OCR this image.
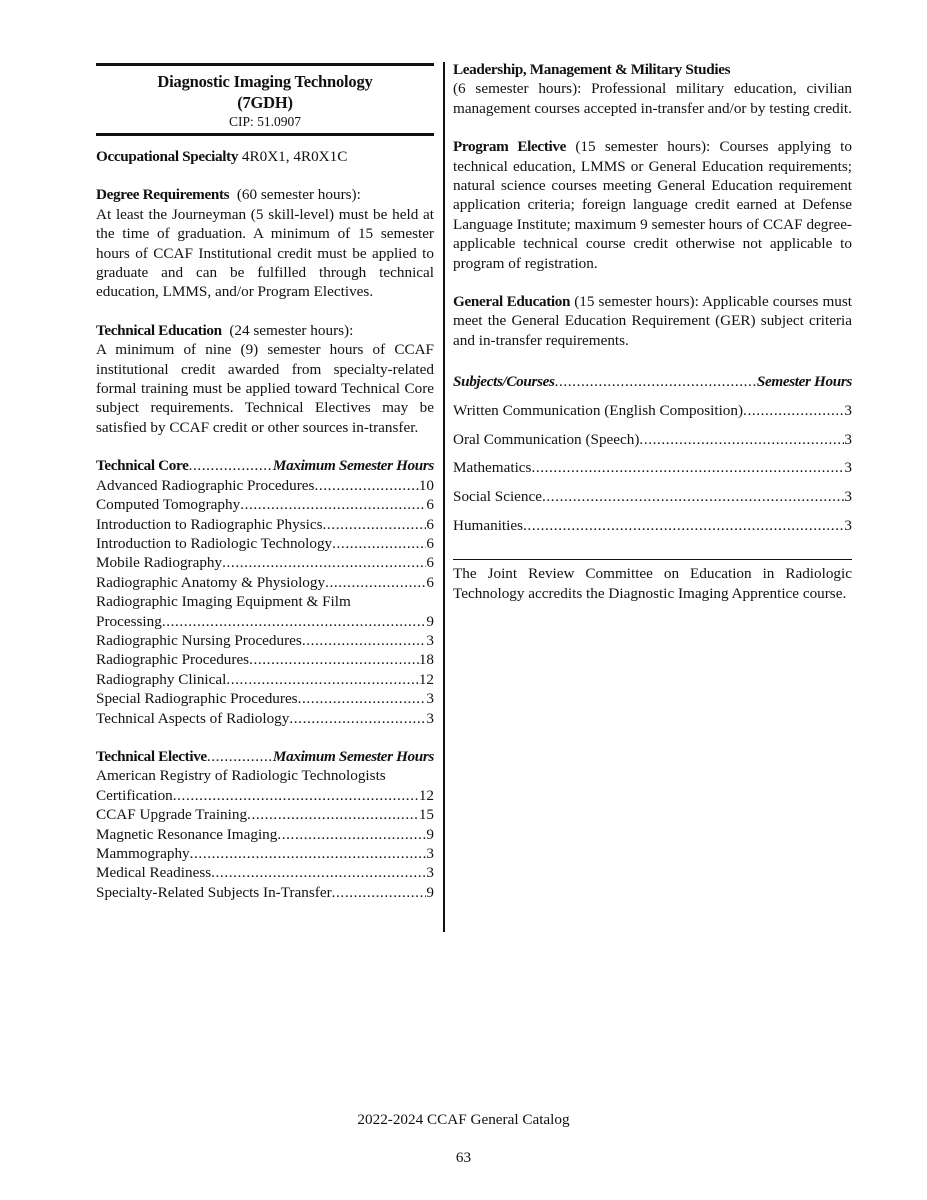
Diagnostic Imaging Technology
(7GDH)
CIP: 51.0907
Occupational Specialty 4R0X1, 4R0X1C
Degree Requirements  (60 semester hours):
At least the Journeyman (5 skill-level) must be held at the time of graduation. A minimum of 15 semester hours of CCAF Institutional credit must be applied to graduate and can be fulfilled through technical education, LMMS, and/or Program Electives.
Technical Education  (24 semester hours):
A minimum of nine (9) semester hours of CCAF institutional credit awarded from specialty-related formal training must be applied toward Technical Core subject requirements. Technical Electives may be satisfied by CCAF credit or other sources in-transfer.
Technical Core .....	Maximum Semester Hours
Advanced Radiographic Procedures .....	10
Computed Tomography .....	6
Introduction to Radiographic Physics .....	6
Introduction to Radiologic Technology .....	6
Mobile Radiography .....	6
Radiographic Anatomy & Physiology .....	6
Radiographic Imaging Equipment & Film
Processing .....	9
Radiographic Nursing Procedures .....	3
Radiographic Procedures .....	18
Radiography Clinical .....	12
Special Radiographic Procedures .....	3
Technical Aspects of Radiology .....	3
Technical Elective .....	Maximum Semester Hours
American Registry of Radiologic Technologists
Certification .....	12
CCAF Upgrade Training .....	15
Magnetic Resonance Imaging .....	9
Mammography .....	3
Medical Readiness .....	3
Specialty-Related Subjects In-Transfer .....	9
Leadership, Management & Military Studies
(6 semester hours): Professional military education, civilian management courses accepted in-transfer and/or by testing credit.
Program Elective (15 semester hours): Courses applying to technical education, LMMS or General Education requirements; natural science courses meeting General Education requirement application criteria; foreign language credit earned at Defense Language Institute; maximum 9 semester hours of CCAF degree-applicable technical course credit otherwise not applicable to program of registration.
General Education (15 semester hours): Applicable courses must meet the General Education Requirement (GER) subject criteria and in-transfer requirements.
Subjects/Courses .....	Semester Hours
Written Communication (English Composition) .....	3
Oral Communication (Speech) .....	3
Mathematics .....	3
Social Science .....	3
Humanities .....	3
The Joint Review Committee on Education in Radiologic Technology accredits the Diagnostic Imaging Apprentice course.
2022-2024 CCAF General Catalog
63
